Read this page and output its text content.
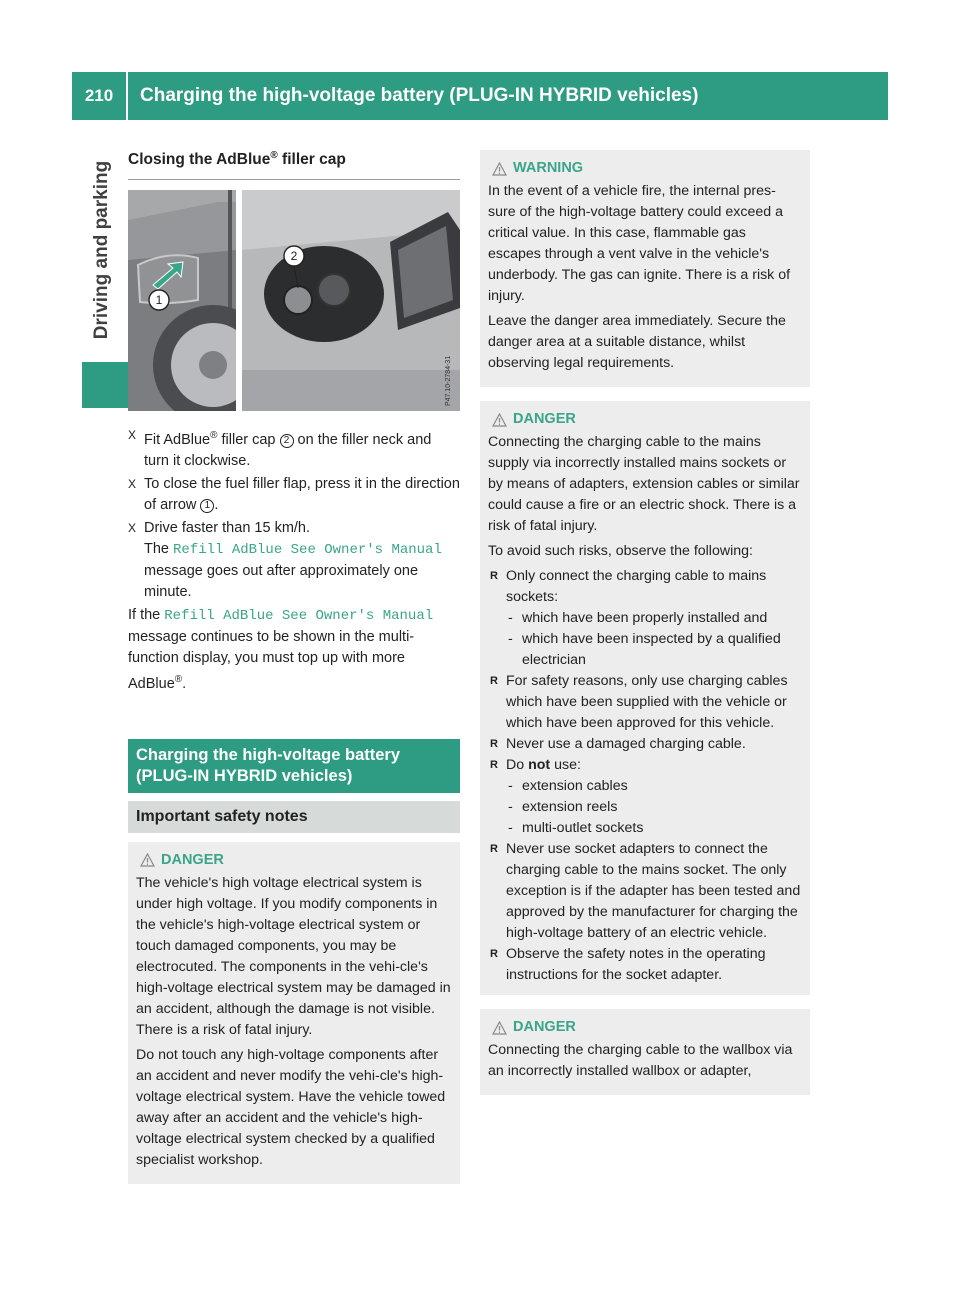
210	Charging the high-voltage battery (PLUG-IN HYBRID vehicles)
Driving and parking
Closing the AdBlue® filler cap
1
2
P47.10-2784-31
X Fit AdBlue® filler cap 2 on the filler neck and turn it clockwise.
X To close the fuel filler flap, press it in the direction of arrow 1 .
X Drive faster than 15 km/h.
The Refill AdBlue See Owner's Manual message goes out after approximately one minute.

If the Refill AdBlue See Owner's Manual message continues to be shown in the multi-function display, you must top up with more AdBlue®.

Charging the high-voltage battery (PLUG-IN HYBRID vehicles)
Important safety notes
DANGER

The vehicle's high voltage electrical system is under high voltage. If you modify components in the vehicle's high-voltage electrical system or touch damaged components, you may be electrocuted. The components in the vehi-cle's high-voltage electrical system may be damaged in an accident, although the damage is not visible. There is a risk of fatal injury.

Do not touch any high-voltage components after an accident and never modify the vehi-cle's high-voltage electrical system. Have the vehicle towed away after an accident and the vehicle's high-voltage electrical system checked by a qualified specialist workshop.

WARNING

In the event of a vehicle fire, the internal pres-sure of the high-voltage battery could exceed a critical value. In this case, flammable gas escapes through a vent valve in the vehicle's underbody. The gas can ignite. There is a risk of injury.

Leave the danger area immediately. Secure the danger area at a suitable distance, whilst observing legal requirements.

DANGER

Connecting the charging cable to the mains supply via incorrectly installed mains sockets or by means of adapters, extension cables or similar could cause a fire or an electric shock. There is a risk of fatal injury.

To avoid such risks, observe the following:

R Only connect the charging cable to mains sockets:
- which have been properly installed and
- which have been inspected by a qualified electrician
R For safety reasons, only use charging cables which have been supplied with the vehicle or which have been approved for this vehicle.
R Never use a damaged charging cable.
R Do not use:
- extension cables
- extension reels
- multi-outlet sockets
R Never use socket adapters to connect the charging cable to the mains socket. The only exception is if the adapter has been tested and approved by the manufacturer for charging the high-voltage battery of an electric vehicle.
R Observe the safety notes in the operating instructions for the socket adapter.
DANGER

Connecting the charging cable to the wallbox via an incorrectly installed wallbox or adapter,
